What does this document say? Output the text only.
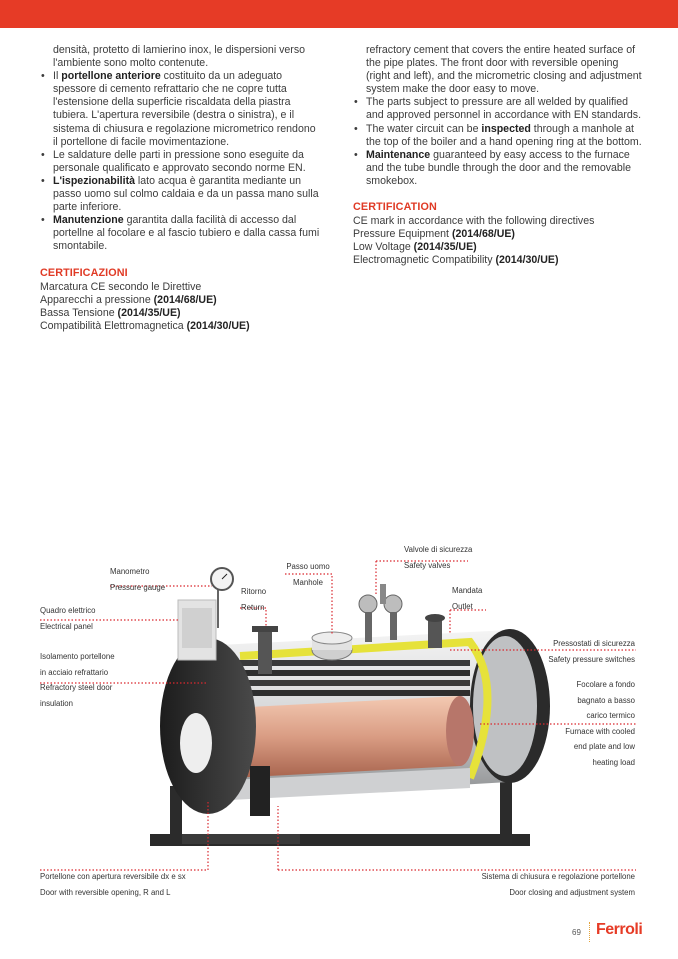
densità, protetto di lamierino inox, le dispersioni verso l'ambiente sono molto contenute.
• Il portellone anteriore costituito da un adeguato spessore di cemento refrattario che ne copre tutta l'estensione della superficie riscaldata della piastra tubiera. L'apertura reversibile (destra o sinistra), e il sistema di chiusura e regolazione micrometrico rendono il portellone di facile movimentazione.
• Le saldature delle parti in pressione sono eseguite da personale qualificato e approvato secondo norme EN.
• L'ispezionabilità lato acqua è garantita mediante un passo uomo sul colmo caldaia e da un passa mano sulla parte inferiore.
• Manutenzione garantita dalla facilità di accesso dal portellne al focolare e al fascio tubiero e dalla cassa fumi smontabile.
CERTIFICAZIONI
Marcatura CE secondo le Direttive
Apparecchi a pressione (2014/68/UE)
Bassa Tensione (2014/35/UE)
Compatibilità Elettromagnetica (2014/30/UE)
refractory cement that covers the entire heated surface of the pipe plates. The front door with reversible opening (right and left), and the micrometric closing and adjustment system make the door easy to move.
• The parts subject to pressure are all welded by qualified and approved personnel in accordance with EN standards.
• The water circuit can be inspected through a manhole at the top of the boiler and a hand opening ring at the bottom.
• Maintenance guaranteed by easy access to the furnace and the tube bundle through the door and the removable smokebox.
CERTIFICATION
CE mark in accordance with the following directives
Pressure Equipment (2014/68/UE)
Low Voltage (2014/35/UE)
Electromagnetic Compatibility (2014/30/UE)
Manometro
Pressure gauge
Quadro elettrico
Electrical panel
Ritorno
Return
Passo uomo
Manhole
Valvole di sicurezza
Safety valves
Mandata
Outlet
Pressostati di sicurezza
Safety pressure switches
Isolamento portellone
in acciaio refrattario
Refractory steel door
insulation
Focolare a fondo
bagnato a basso
carico termico
Furnace with cooled
end plate and low
heating load
Portellone con apertura reversibile dx e sx
Door with reversible opening, R and L
Sistema di chiusura e regolazione portellone
Door closing and adjustment system
69 Ferroli
